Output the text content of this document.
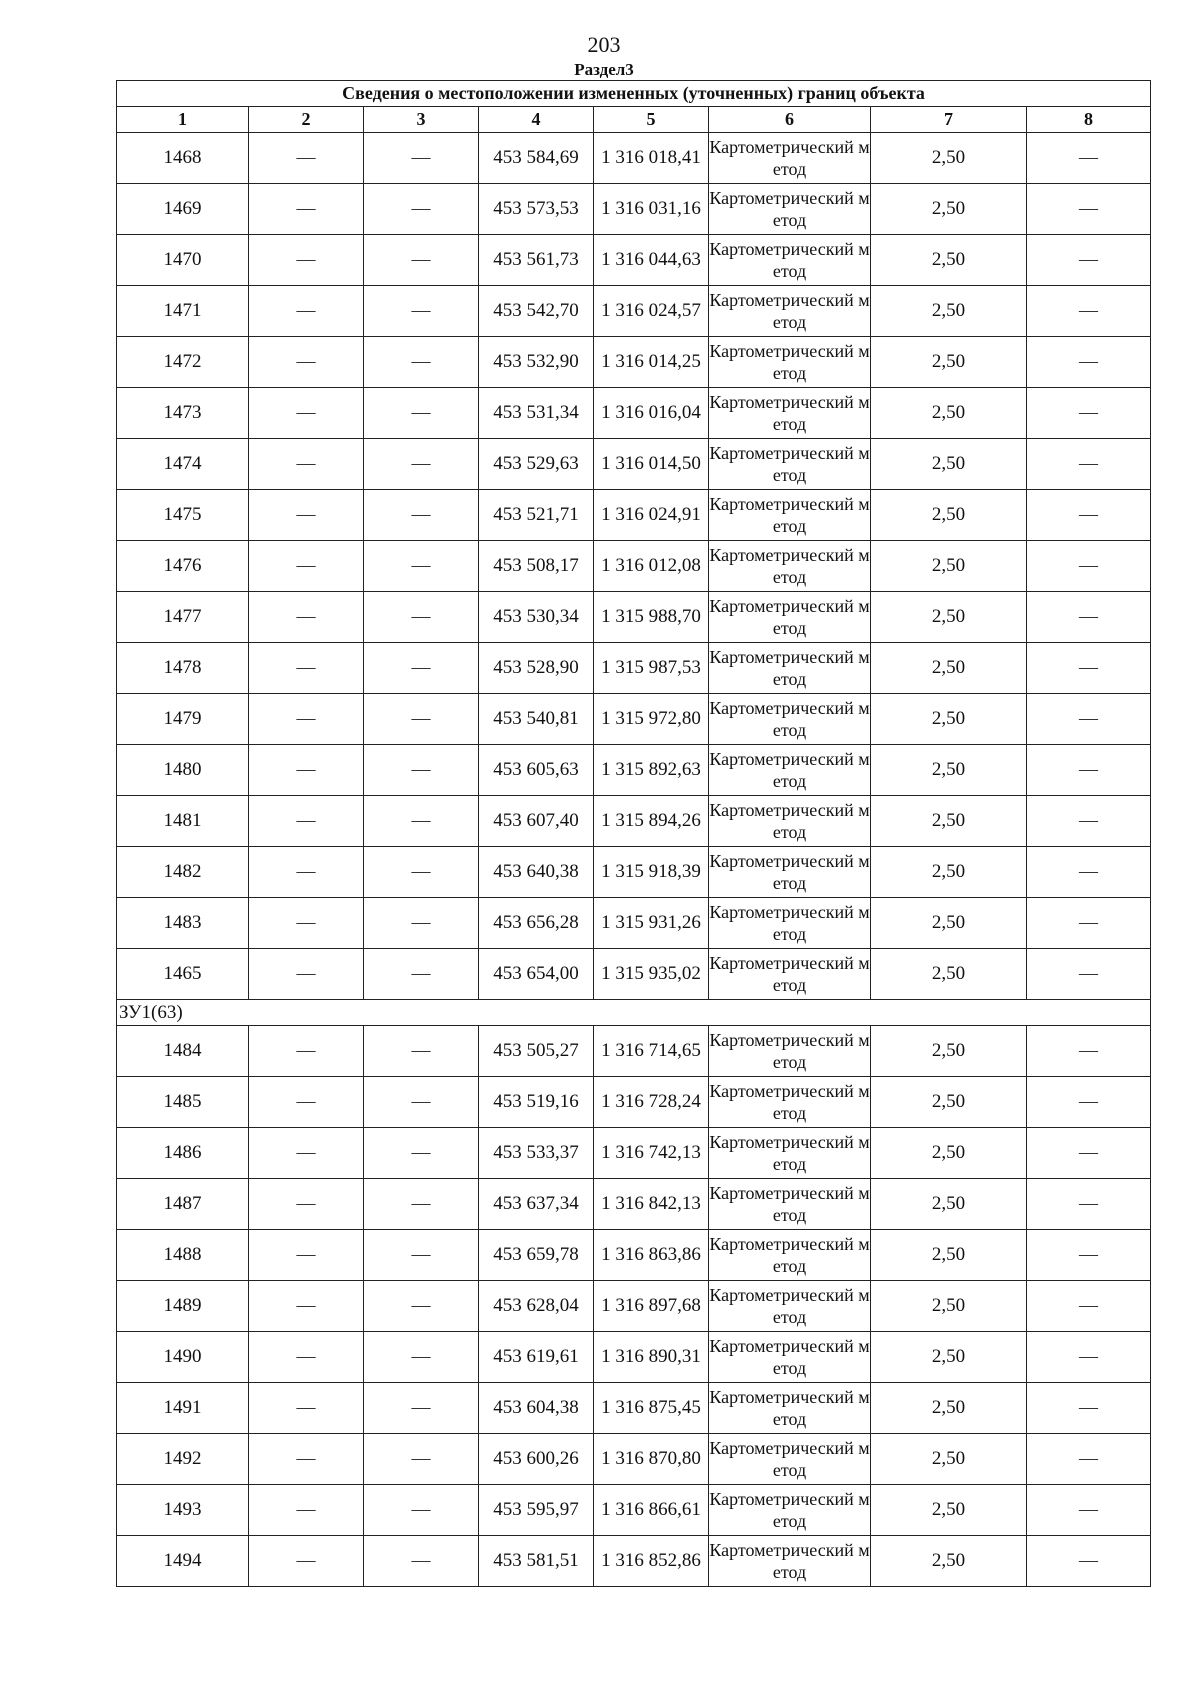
203
Раздел3
Сведения о местоположении измененных (уточненных) границ объекта							
1	2	3	4	5	6	7	8
1468	—	—	453 584,69	1 316 018,41	Картометрический метод	2,50	—
1469	—	—	453 573,53	1 316 031,16	Картометрический метод	2,50	—
1470	—	—	453 561,73	1 316 044,63	Картометрический метод	2,50	—
1471	—	—	453 542,70	1 316 024,57	Картометрический метод	2,50	—
1472	—	—	453 532,90	1 316 014,25	Картометрический метод	2,50	—
1473	—	—	453 531,34	1 316 016,04	Картометрический метод	2,50	—
1474	—	—	453 529,63	1 316 014,50	Картометрический метод	2,50	—
1475	—	—	453 521,71	1 316 024,91	Картометрический метод	2,50	—
1476	—	—	453 508,17	1 316 012,08	Картометрический метод	2,50	—
1477	—	—	453 530,34	1 315 988,70	Картометрический метод	2,50	—
1478	—	—	453 528,90	1 315 987,53	Картометрический метод	2,50	—
1479	—	—	453 540,81	1 315 972,80	Картометрический метод	2,50	—
1480	—	—	453 605,63	1 315 892,63	Картометрический метод	2,50	—
1481	—	—	453 607,40	1 315 894,26	Картометрический метод	2,50	—
1482	—	—	453 640,38	1 315 918,39	Картометрический метод	2,50	—
1483	—	—	453 656,28	1 315 931,26	Картометрический метод	2,50	—
1465	—	—	453 654,00	1 315 935,02	Картометрический метод	2,50	—
ЗУ1(63)							
1484	—	—	453 505,27	1 316 714,65	Картометрический метод	2,50	—
1485	—	—	453 519,16	1 316 728,24	Картометрический метод	2,50	—
1486	—	—	453 533,37	1 316 742,13	Картометрический метод	2,50	—
1487	—	—	453 637,34	1 316 842,13	Картометрический метод	2,50	—
1488	—	—	453 659,78	1 316 863,86	Картометрический метод	2,50	—
1489	—	—	453 628,04	1 316 897,68	Картометрический метод	2,50	—
1490	—	—	453 619,61	1 316 890,31	Картометрический метод	2,50	—
1491	—	—	453 604,38	1 316 875,45	Картометрический метод	2,50	—
1492	—	—	453 600,26	1 316 870,80	Картометрический метод	2,50	—
1493	—	—	453 595,97	1 316 866,61	Картометрический метод	2,50	—
1494	—	—	453 581,51	1 316 852,86	Картометрический метод	2,50	—
